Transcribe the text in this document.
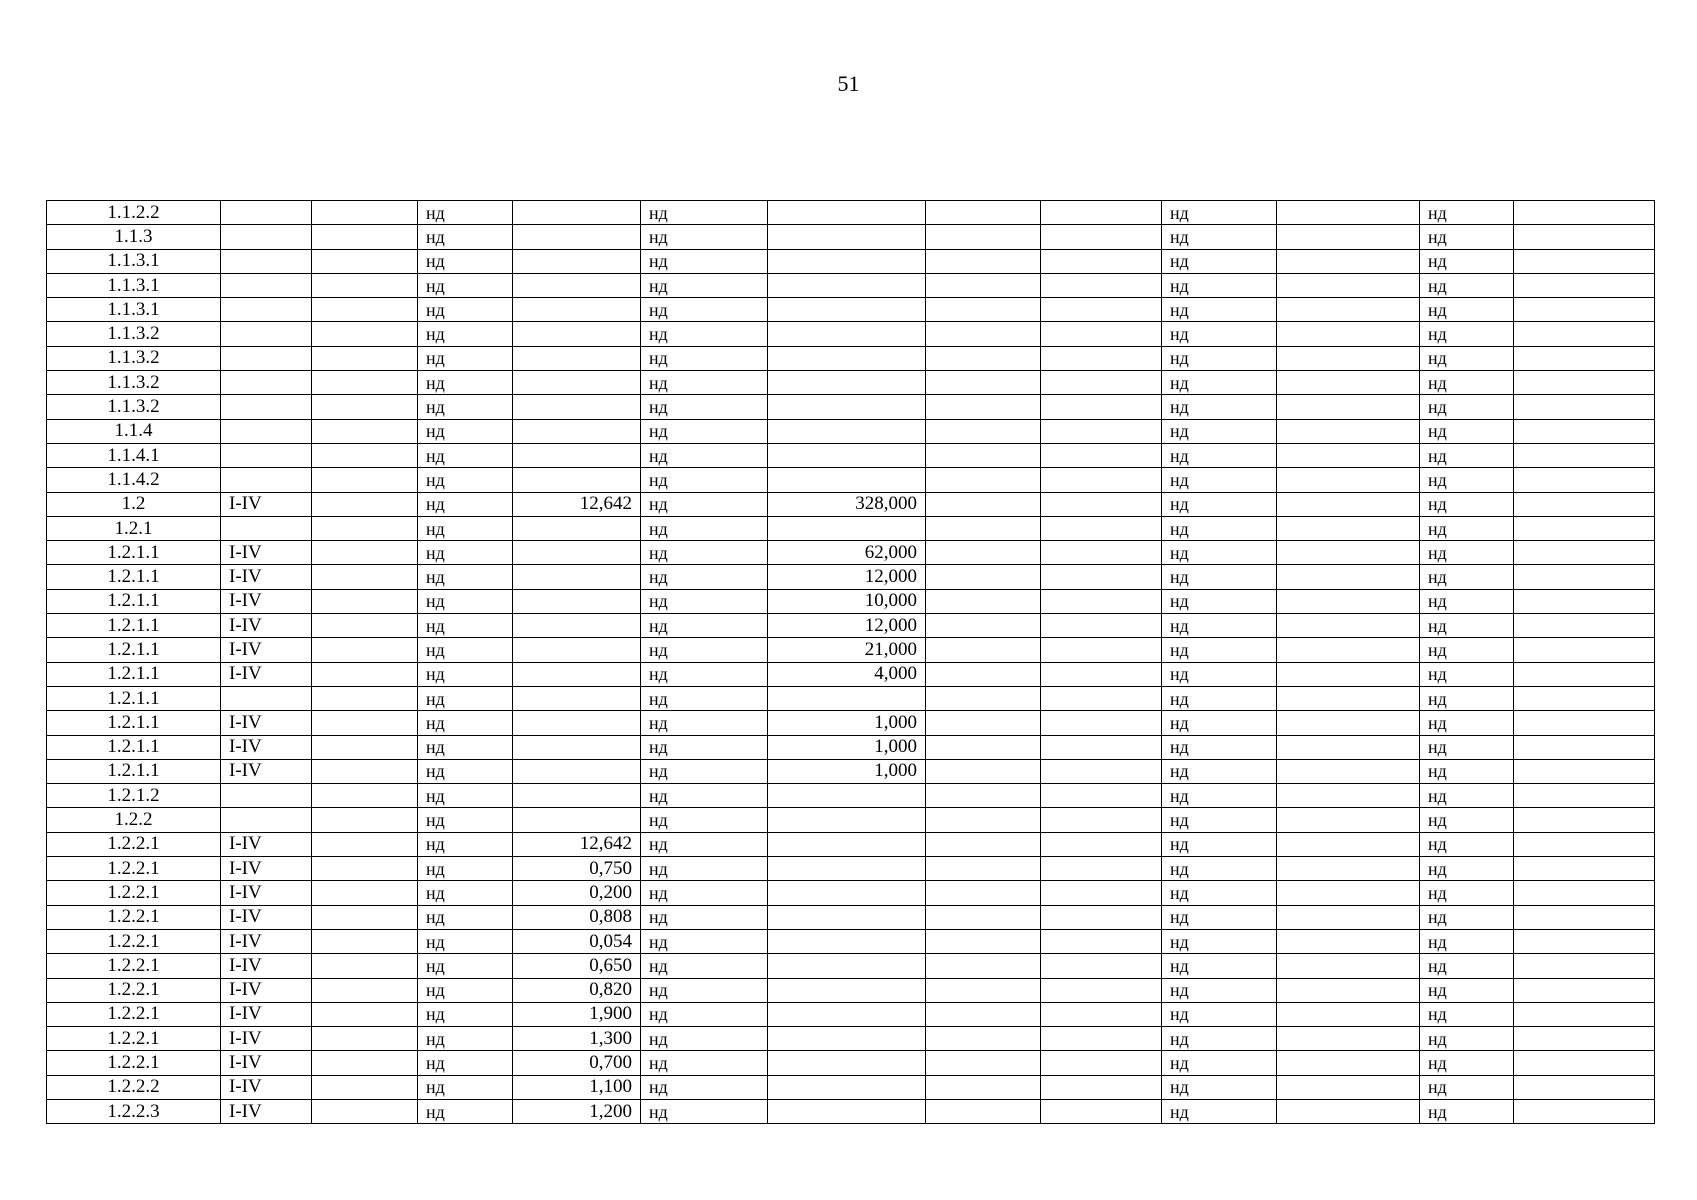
51
1.1.2.2			нд		нд				нд		нд	
1.1.3			нд		нд				нд		нд	
1.1.3.1			нд		нд				нд		нд	
1.1.3.1			нд		нд				нд		нд	
1.1.3.1			нд		нд				нд		нд	
1.1.3.2			нд		нд				нд		нд	
1.1.3.2			нд		нд				нд		нд	
1.1.3.2			нд		нд				нд		нд	
1.1.3.2			нд		нд				нд		нд	
1.1.4			нд		нд				нд		нд	
1.1.4.1			нд		нд				нд		нд	
1.1.4.2			нд		нд				нд		нд	
1.2	I-IV		нд	12,642	нд	328,000			нд		нд	
1.2.1			нд		нд				нд		нд	
1.2.1.1	I-IV		нд		нд	62,000			нд		нд	
1.2.1.1	I-IV		нд		нд	12,000			нд		нд	
1.2.1.1	I-IV		нд		нд	10,000			нд		нд	
1.2.1.1	I-IV		нд		нд	12,000			нд		нд	
1.2.1.1	I-IV		нд		нд	21,000			нд		нд	
1.2.1.1	I-IV		нд		нд	4,000			нд		нд	
1.2.1.1			нд		нд				нд		нд	
1.2.1.1	I-IV		нд		нд	1,000			нд		нд	
1.2.1.1	I-IV		нд		нд	1,000			нд		нд	
1.2.1.1	I-IV		нд		нд	1,000			нд		нд	
1.2.1.2			нд		нд				нд		нд	
1.2.2			нд		нд				нд		нд	
1.2.2.1	I-IV		нд	12,642	нд				нд		нд	
1.2.2.1	I-IV		нд	0,750	нд				нд		нд	
1.2.2.1	I-IV		нд	0,200	нд				нд		нд	
1.2.2.1	I-IV		нд	0,808	нд				нд		нд	
1.2.2.1	I-IV		нд	0,054	нд				нд		нд	
1.2.2.1	I-IV		нд	0,650	нд				нд		нд	
1.2.2.1	I-IV		нд	0,820	нд				нд		нд	
1.2.2.1	I-IV		нд	1,900	нд				нд		нд	
1.2.2.1	I-IV		нд	1,300	нд				нд		нд	
1.2.2.1	I-IV		нд	0,700	нд				нд		нд	
1.2.2.2	I-IV		нд	1,100	нд				нд		нд	
1.2.2.3	I-IV		нд	1,200	нд				нд		нд	
